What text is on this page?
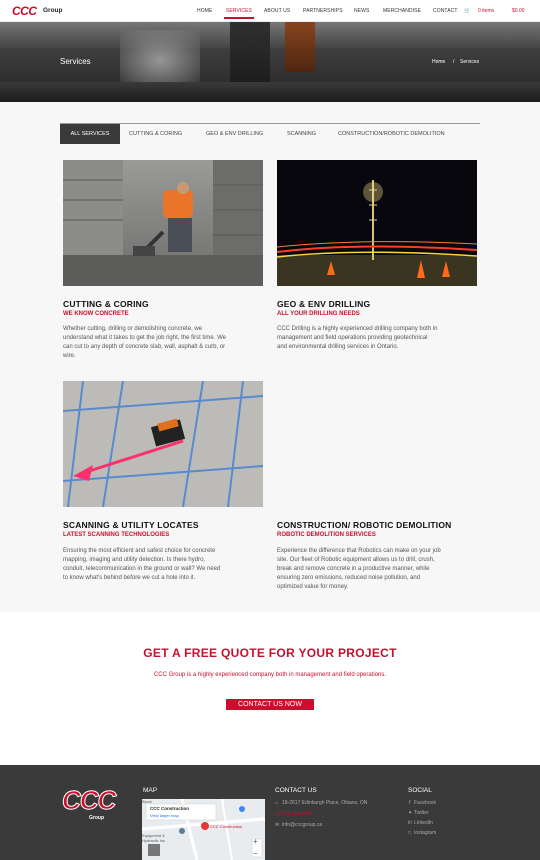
CCC Group	HOME	SERVICES ABOUT US	PARTNERSHIPS NEWS	MERCHANDISE CONTACT 🛒 0 items	$0.00
Services	Home / Services
ALL SERVICES	CUTTING & CORING	GEO & ENV DRILLING	SCANNING	CONSTRUCTION/ROBOTIC DEMOLITION
CUTTING & CORING
WE KNOW CONCRETE
Whether cutting, drilling or demolishing concrete, we
understand what it takes to get the job right, the first time. We
can cut to any depth of concrete slab, wall, asphalt & curb, or
wire.
GEO & ENV DRILLING
ALL YOUR DRILLING NEEDS
CCC Drilling is a highly experienced drilling company both in
management and field operations providing geotechnical
and environmental drilling services in Ontario.
SCANNING & UTILITY LOCATES
LATEST SCANNING TECHNOLOGIES
Ensuring the most efficient and safest choice for concrete
mapping, imaging and utility detection. Is there hydro,
conduit, telecommunication in the ground or wall? We need
to know what's behind before we cut a hole into it.
CONSTRUCTION/ ROBOTIC DEMOLITION
ROBOTIC DEMOLITION SERVICES
Experience the difference that Robotics can make on your job
site. Our fleet of Robotic equipment allows us to drill, crush,
break and remove concrete in a productive manner, while
ensuring zero emissions, reduced noise pollution, and
optimized value for money.
GET A FREE QUOTE FOR YOUR PROJECT
CCC Group is a highly experienced company both in management and field operations.
CONTACT US NOW
CCC
Group
MAP
Block
CCC Construction
View larger map
Equipment & Hydraulic Inc
CCC Construction
+
−
CONTACT US
⌂ 18-2617 Edinburgh Place, Ottawa, ON
☏ 613-225-5991
✉ info@cccgroup.ca
SOCIAL
f Facebook
✦ Twitter
in LinkedIn
□ Instagram
